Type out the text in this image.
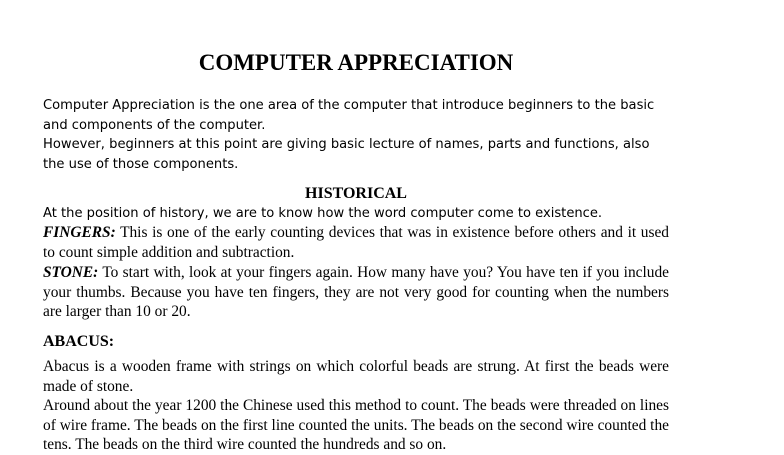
COMPUTER APPRECIATION

Computer Appreciation is the one area of the computer that introduce beginners to the basic and components of the computer.

However, beginners at this point are giving basic lecture of names, parts and functions, also the use of those components.

HISTORICAL

At the position of history, we are to know how the word computer come to existence.

FINGERS: This is one of the early counting devices that was in existence before others and it used to count simple addition and subtraction.

STONE: To start with, look at your fingers again. How many have you? You have ten if you include your thumbs. Because you have ten fingers, they are not very good for counting when the numbers are larger than 10 or 20.

ABACUS:

Abacus is a wooden frame with strings on which colorful beads are strung. At first the beads were made of stone.

Around about the year 1200 the Chinese used this method to count. The beads were threaded on lines of wire frame. The beads on the first line counted the units. The beads on the second wire counted the tens. The beads on the third wire counted the hundreds and so on.
